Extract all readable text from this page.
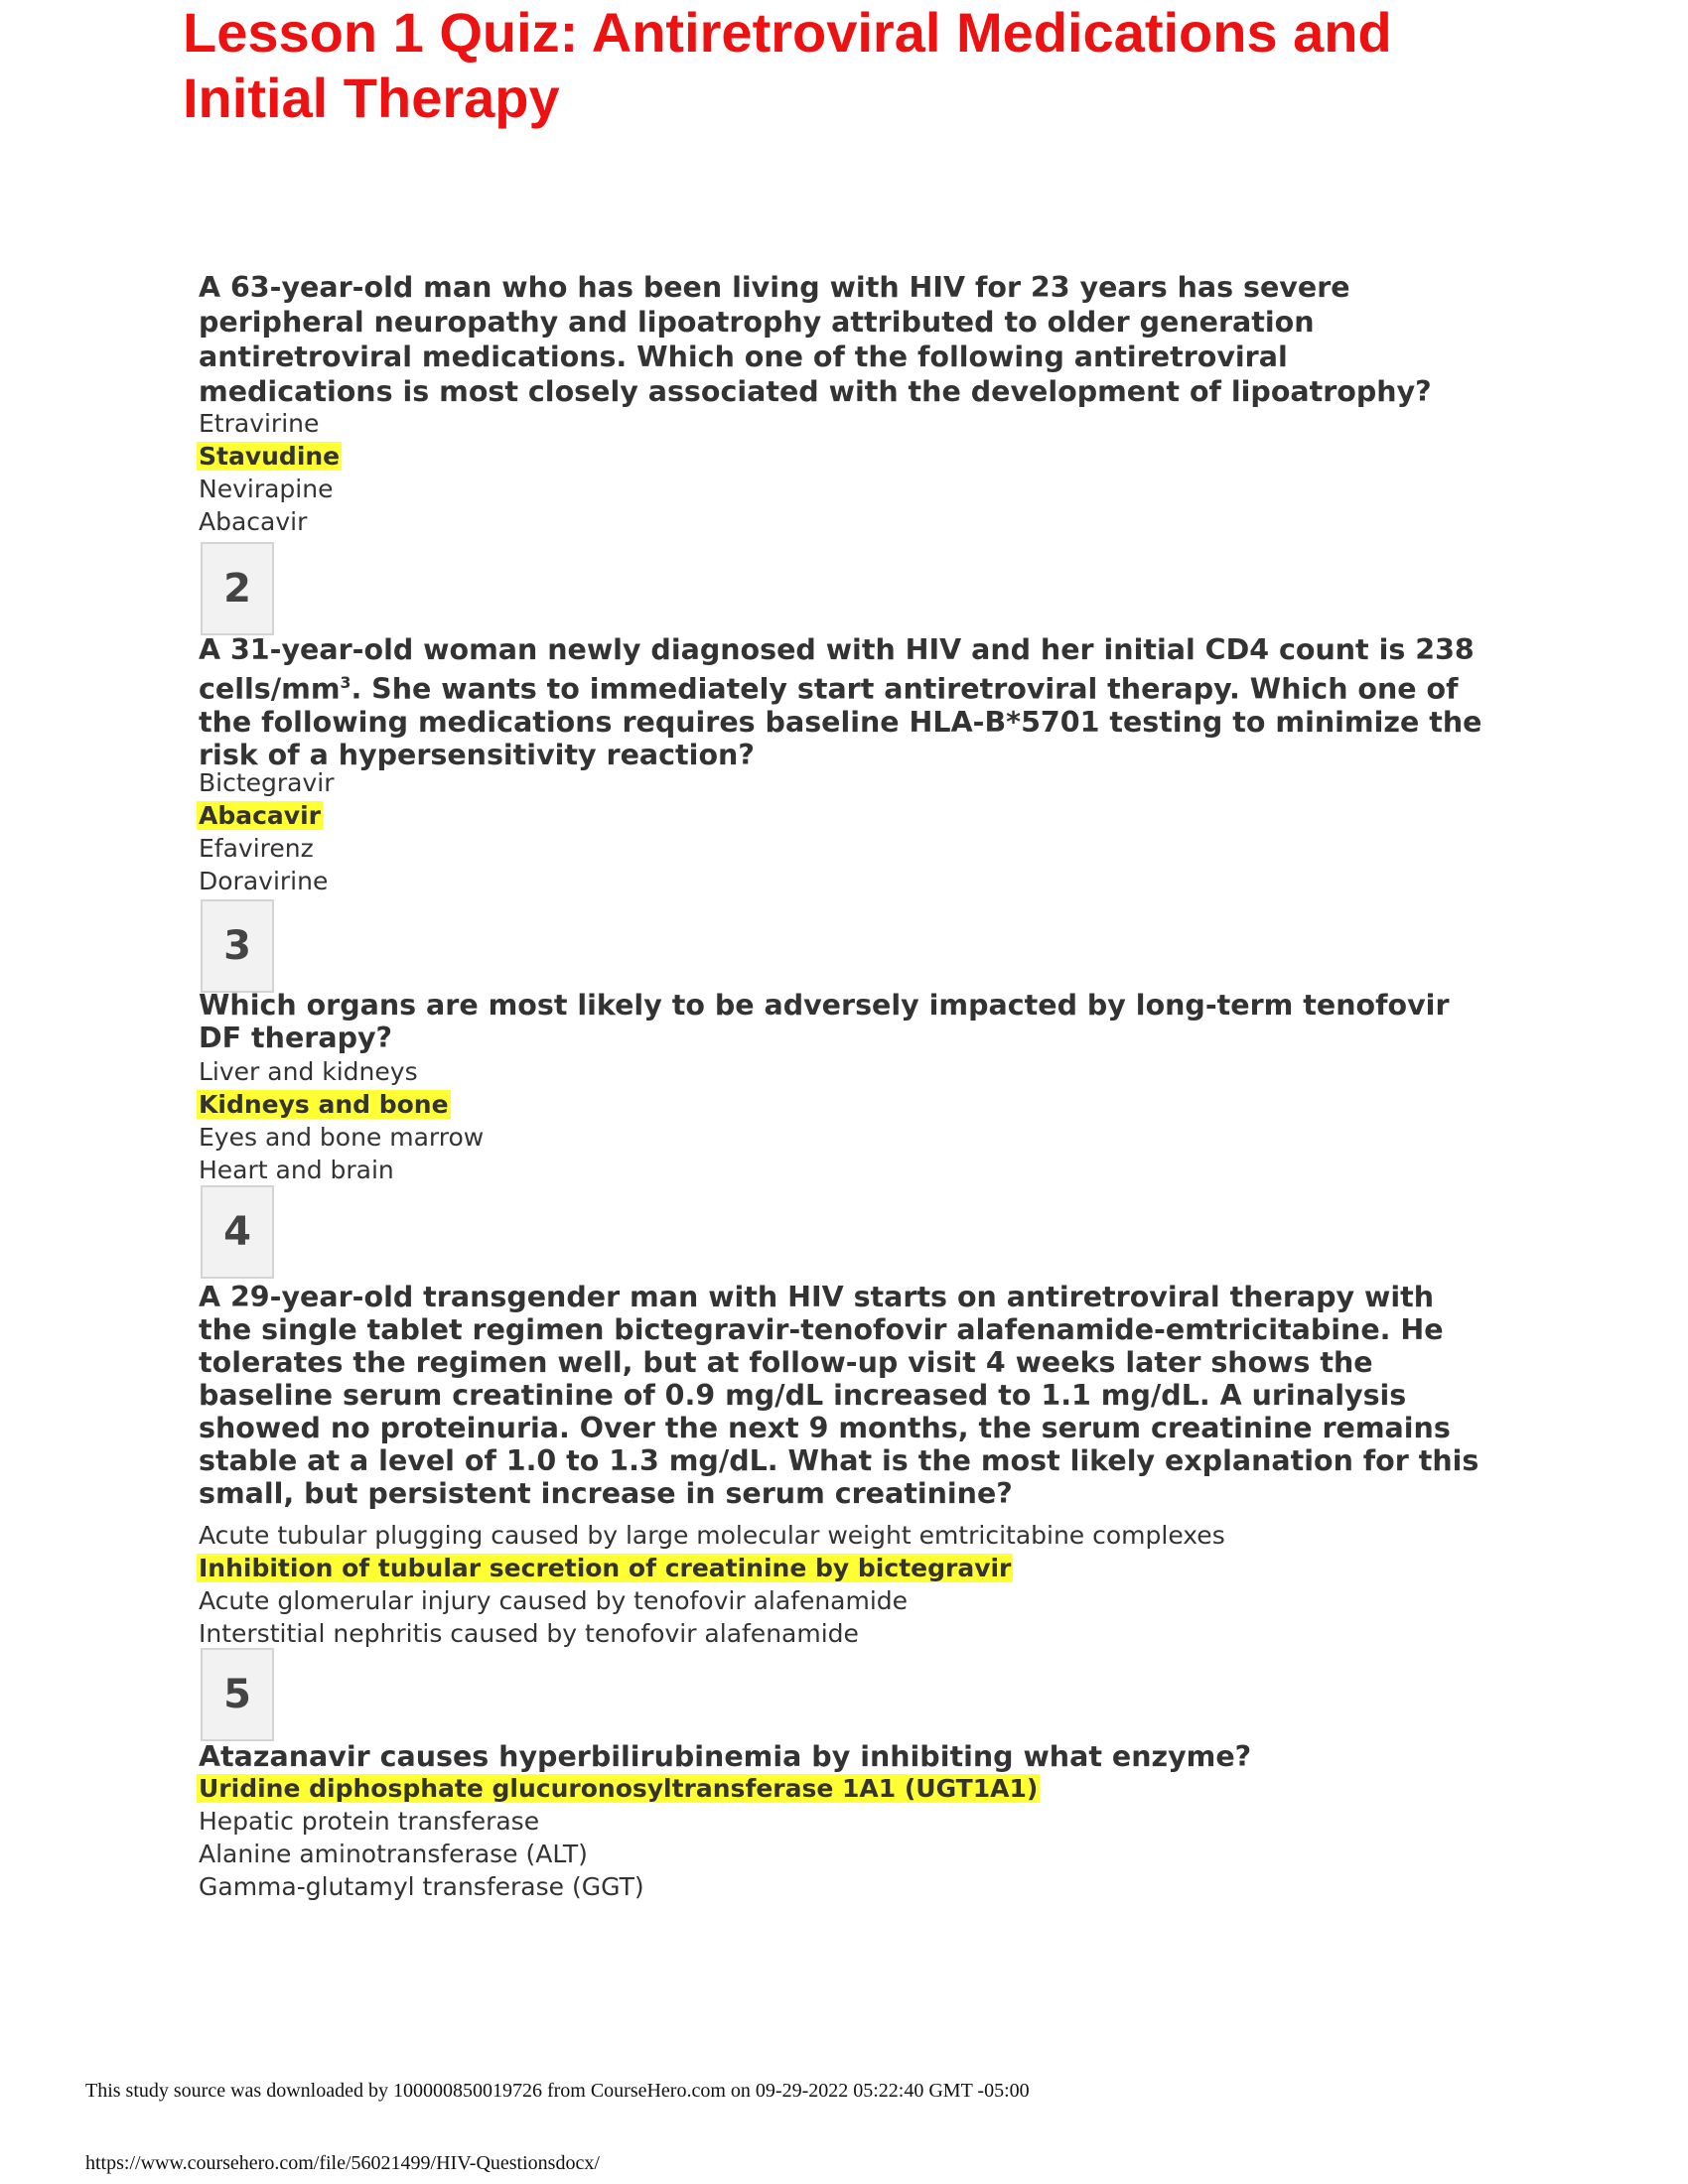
Lesson 1 Quiz: Antiretroviral Medications and Initial Therapy

A 63-year-old man who has been living with HIV for 23 years has severe peripheral neuropathy and lipoatrophy attributed to older generation antiretroviral medications. Which one of the following antiretroviral medications is most closely associated with the development of lipoatrophy?

Etravirine
Stavudine
Nevirapine
Abacavir
2

A 31-year-old woman newly diagnosed with HIV and her initial CD4 count is 238 cells/$mm^3$. She wants to immediately start antiretroviral therapy. Which one of the following medications requires baseline HLA-B*5701 testing to minimize the risk of a hypersensitivity reaction?

Bictegravir
Abacavir
Efavirenz
Doravirine
3

Which organs are most likely to be adversely impacted by long-term tenofovir DF therapy?

Liver and kidneys
Kidneys and bone
Eyes and bone marrow
Heart and brain
4

A 29-year-old transgender man with HIV starts on antiretroviral therapy with the single tablet regimen bictegravir-tenofovir alafenamide-emtricitabine. He tolerates the regimen well, but at follow-up visit 4 weeks later shows the baseline serum creatinine of 0.9 mg/dL increased to 1.1 mg/dL. A urinalysis showed no proteinuria. Over the next 9 months, the serum creatinine remains stable at a level of 1.0 to 1.3 mg/dL. What is the most likely explanation for this small, but persistent increase in serum creatinine?

Acute tubular plugging caused by large molecular weight emtricitabine complexes
Inhibition of tubular secretion of creatinine by bictegravir
Acute glomerular injury caused by tenofovir alafenamide
Interstitial nephritis caused by tenofovir alafenamide
5

Atazanavir causes hyperbilirubinemia by inhibiting what enzyme?

Uridine diphosphate glucuronosyltransferase 1A1 (UGT1A1)
Hepatic protein transferase
Alanine aminotransferase (ALT)
Gamma-glutamyl transferase (GGT)
This study source was downloaded by 100000850019726 from CourseHero.com on 09-29-2022 05:22:40 GMT -05:00
https://www.coursehero.com/file/56021499/HIV-Questionsdocx/
